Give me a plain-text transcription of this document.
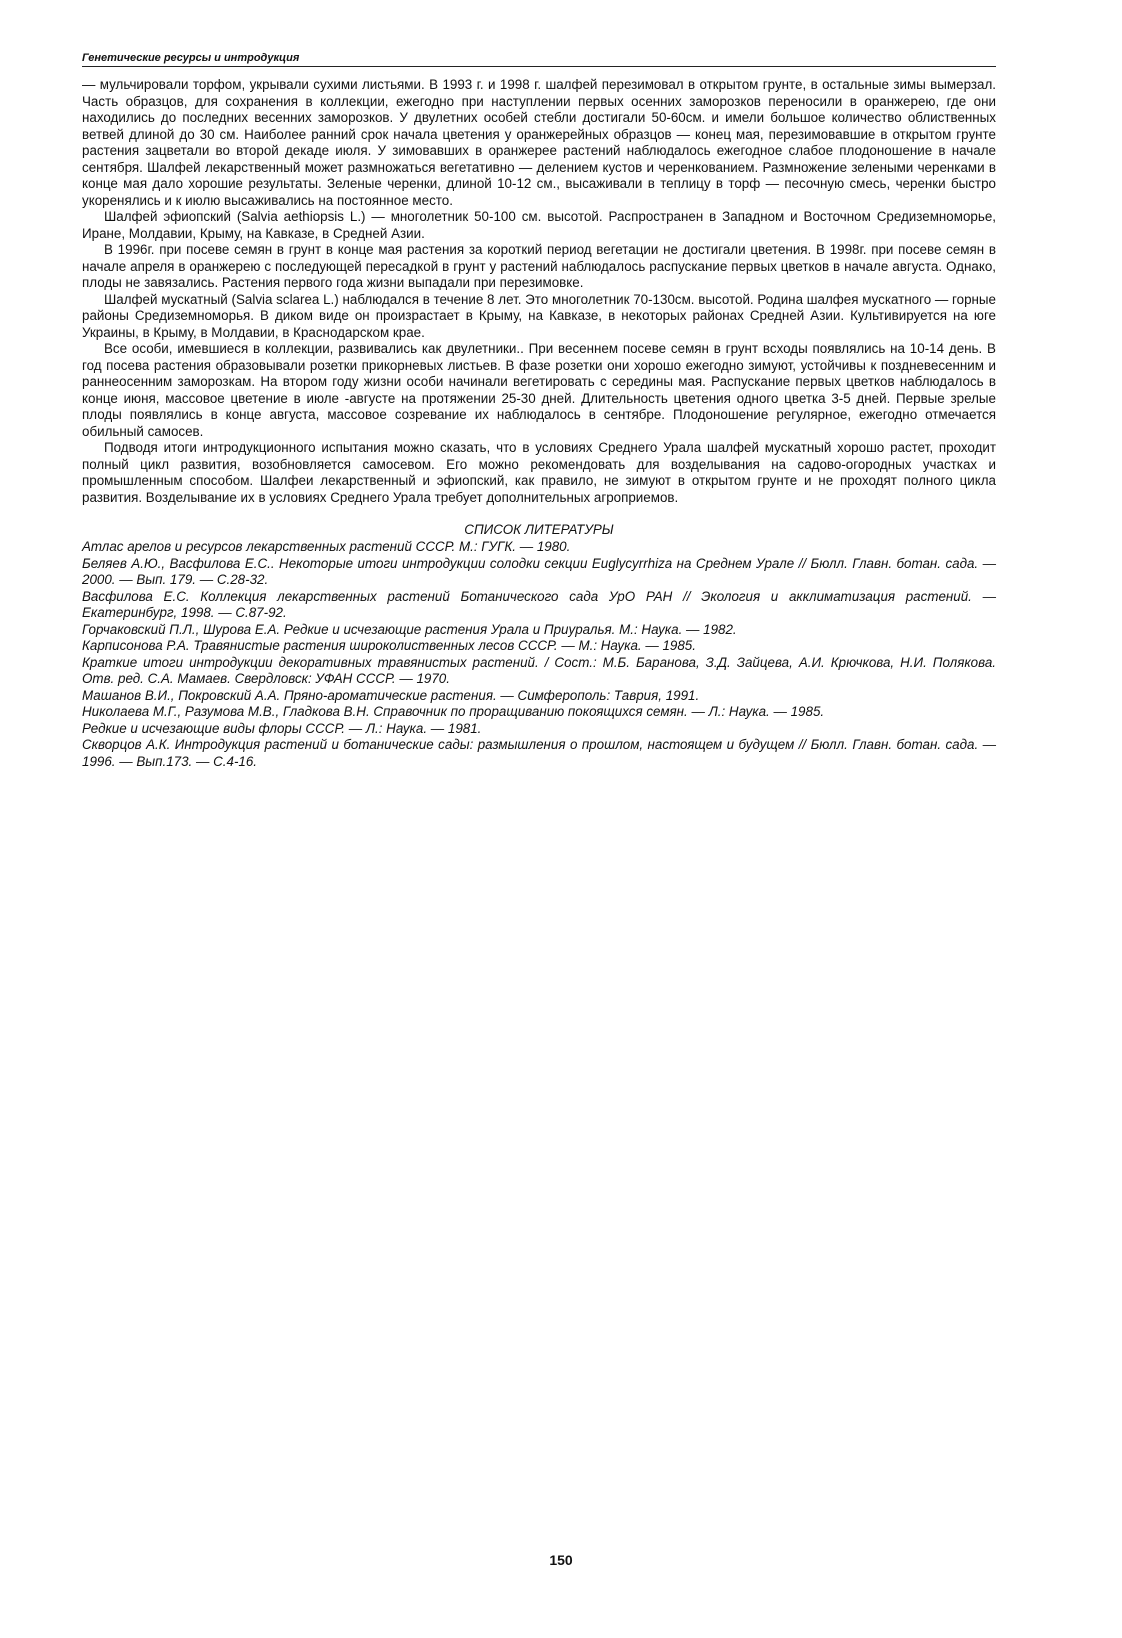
Генетические ресурсы и интродукция

— мульчировали торфом, укрывали сухими листьями. В 1993 г. и 1998 г. шалфей перезимовал в открытом грунте, в остальные зимы вымерзал. Часть образцов, для сохранения в коллекции, ежегодно при наступлении первых осенних заморозков переносили в оранжерею, где они находились до последних весенних заморозков. У двулетних особей стебли достигали 50-60см. и имели большое количество облиственных ветвей длиной до 30 см. Наиболее ранний срок начала цветения у оранжерейных образцов — конец мая, перезимовавшие в открытом грунте растения зацветали во второй декаде июля. У зимовавших в оранжерее растений наблюдалось ежегодное слабое плодоношение в начале сентября. Шалфей лекарственный может размножаться вегетативно — делением кустов и черенкованием. Размножение зелеными черенками в конце мая дало хорошие результаты. Зеленые черенки, длиной 10-12 см., высаживали в теплицу в торф — песочную смесь, черенки быстро укоренялись и к июлю высаживались на постоянное место.

Шалфей эфиопский (Salvia aethiopsis L.) — многолетник 50-100 см. высотой. Распространен в Западном и Восточном Средиземноморье, Иране, Молдавии, Крыму, на Кавказе, в Средней Азии.

В 1996г. при посеве семян в грунт в конце мая растения за короткий период вегетации не достигали цветения. В 1998г. при посеве семян в начале апреля в оранжерею с последующей пересадкой в грунт у растений наблюдалось распускание первых цветков в начале августа. Однако, плоды не завязались. Растения первого года жизни выпадали при перезимовке.

Шалфей мускатный (Salvia sclarea L.) наблюдался в течение 8 лет. Это многолетник 70-130см. высотой. Родина шалфея мускатного — горные районы Средиземноморья. В диком виде он произрастает в Крыму, на Кавказе, в некоторых районах Средней Азии. Культивируется на юге Украины, в Крыму, в Молдавии, в Краснодарском крае.

Все особи, имевшиеся в коллекции, развивались как двулетники.. При весеннем посеве семян в грунт всходы появлялись на 10-14 день. В год посева растения образовывали розетки прикорневых листьев. В фазе розетки они хорошо ежегодно зимуют, устойчивы к поздневесенним и раннеосенним заморозкам. На втором году жизни особи начинали вегетировать с середины мая. Распускание первых цветков наблюдалось в конце июня, массовое цветение в июле -августе на протяжении 25-30 дней. Длительность цветения одного цветка 3-5 дней. Первые зрелые плоды появлялись в конце августа, массовое созревание их наблюдалось в сентябре. Плодоношение регулярное, ежегодно отмечается обильный самосев.

Подводя итоги интродукционного испытания можно сказать, что в условиях Среднего Урала шалфей мускатный хорошо растет, проходит полный цикл развития, возобновляется самосевом. Его можно рекомендовать для возделывания на садово-огородных участках и промышленным способом. Шалфеи лекарственный и эфиопский, как правило, не зимуют в открытом грунте и не проходят полного цикла развития. Возделывание их в условиях Среднего Урала требует дополнительных агроприемов.

СПИСОК ЛИТЕРАТУРЫ

Атлас арелов и ресурсов лекарственных растений СССР. М.: ГУГК. — 1980.

Беляев А.Ю., Васфилова Е.С.. Некоторые итоги интродукции солодки секции Euglycyrrhiza на Среднем Урале // Бюлл. Главн. ботан. сада. — 2000. — Вып. 179. — С.28-32.

Васфилова Е.С. Коллекция лекарственных растений Ботанического сада УрО РАН // Экология и акклиматизация растений. — Екатеринбург, 1998. — С.87-92.

Горчаковский П.Л., Шурова Е.А. Редкие и исчезающие растения Урала и Приуралья. М.: Наука. — 1982.

Карписонова Р.А. Травянистые растения широколиственных лесов СССР. — М.: Наука. — 1985.

Краткие итоги интродукции декоративных травянистых растений. / Сост.: М.Б. Баранова, З.Д. Зайцева, А.И. Крючкова, Н.И. Полякова. Отв. ред. С.А. Мамаев. Свердловск: УФАН СССР. — 1970.

Машанов В.И., Покровский А.А. Пряно-ароматические растения. — Симферополь: Таврия, 1991.

Николаева М.Г., Разумова М.В., Гладкова В.Н. Справочник по проращиванию покоящихся семян. — Л.: Наука. — 1985.

Редкие и исчезающие виды флоры СССР. — Л.: Наука. — 1981.

Скворцов А.К. Интродукция растений и ботанические сады: размышления о прошлом, настоящем и будущем // Бюлл. Главн. ботан. сада. — 1996. — Вып.173. — С.4-16.

150
